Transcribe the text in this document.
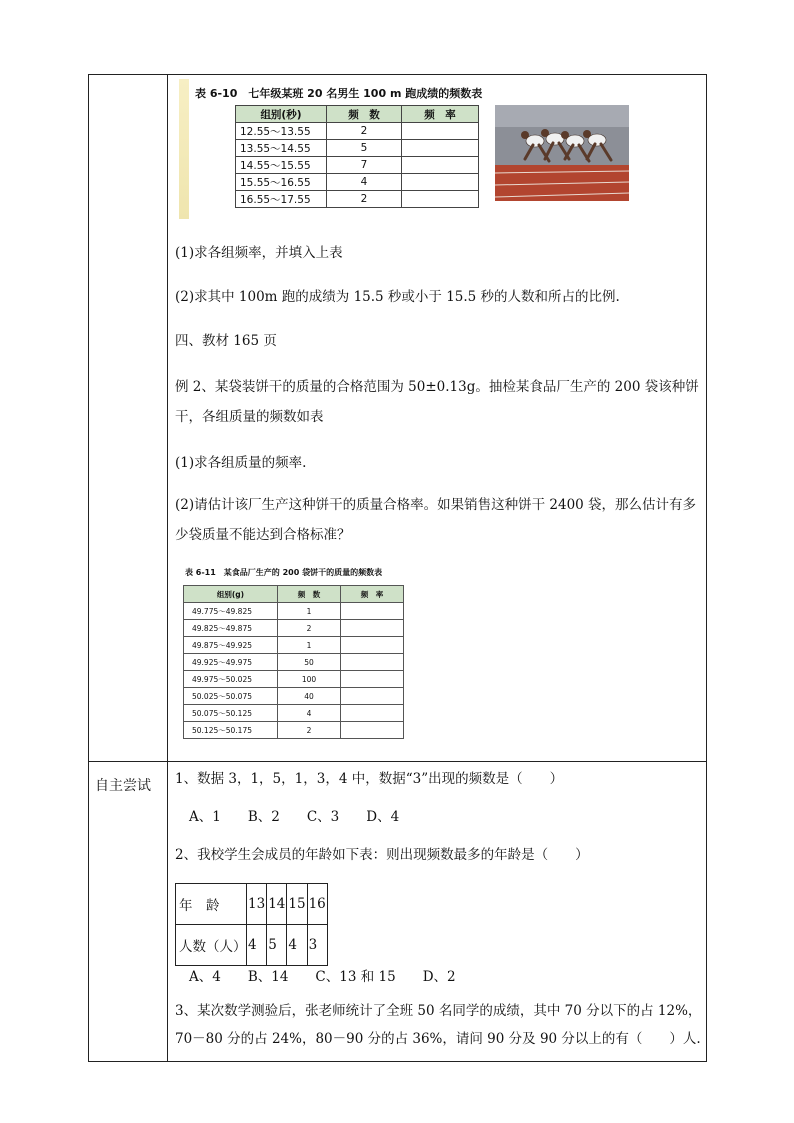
自主尝试
表 6-10　七年级某班 20 名男生 100 m 跑成绩的频数表
组别(秒)	频　数	频　率
12.55～13.55	2	
13.55～14.55	5	
14.55～15.55	7	
15.55～16.55	4	
16.55～17.55	2	
(1)求各组频率，并填入上表
(2)求其中 100m 跑的成绩为 15.5 秒或小于 15.5 秒的人数和所占的比例.
四、教材 165 页
例 2、某袋装饼干的质量的合格范围为 50±0.13g。抽检某食品厂生产的 200 袋该种饼
干，各组质量的频数如表
(1)求各组质量的频率.
(2)请估计该厂生产这种饼干的质量合格率。如果销售这种饼干 2400 袋，那么估计有多
少袋质量不能达到合格标准？
表 6-11　某食品厂生产的 200 袋饼干的质量的频数表
组别(g)	频　数	频　率
49.775～49.825	1	
49.825～49.875	2	
49.875～49.925	1	
49.925～49.975	50	
49.975～50.025	100	
50.025～50.075	40	
50.075～50.125	4	
50.125～50.175	2	
1、数据 3，1，5，1，3，4 中，数据“3”出现的频数是（　　）
A、1　　B、2　　C、3　　D、4
2、我校学生会成员的年龄如下表：则出现频数最多的年龄是（　　）
年　龄	13	14	15	16
人数（人）	4	5	4	3
A、4　　B、14　　C、13 和 15　　D、2
3、某次数学测验后，张老师统计了全班 50 名同学的成绩，其中 70 分以下的占 12%，
70－80 分的占 24%，80－90 分的占 36%，请问 90 分及 90 分以上的有（　　）人.
